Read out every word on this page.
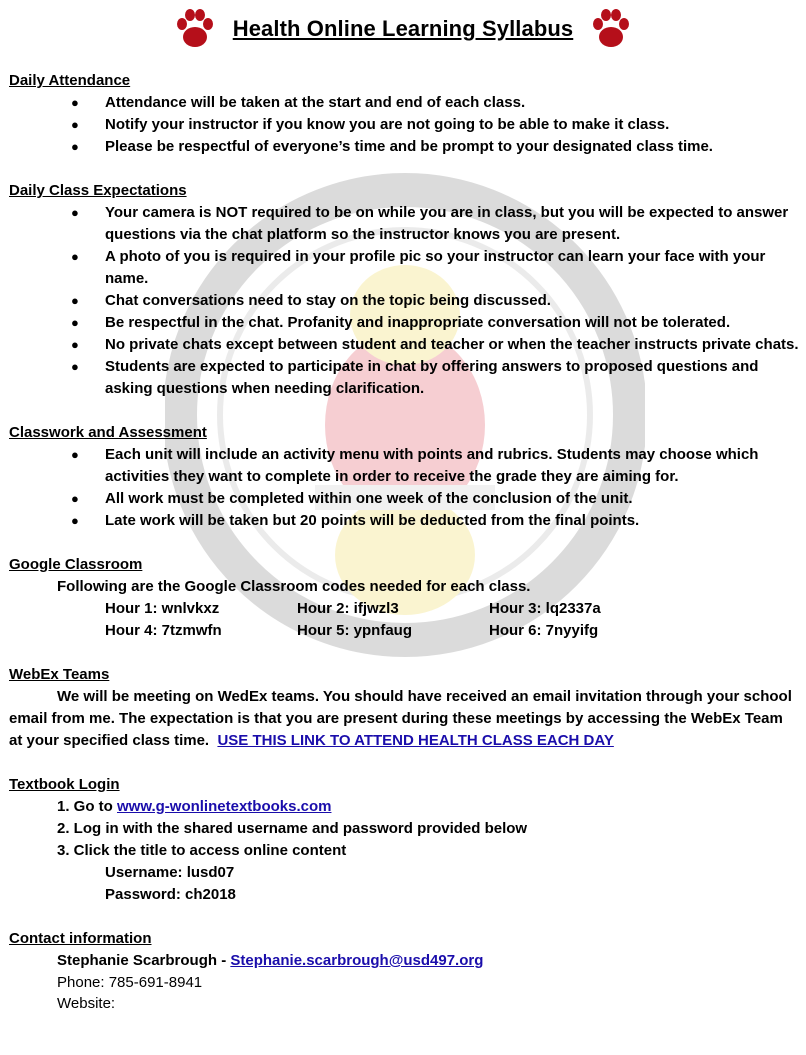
Health Online Learning Syllabus
Daily Attendance
● Attendance will be taken at the start and end of each class.
● Notify your instructor if you know you are not going to be able to make it class.
● Please be respectful of everyone’s time and be prompt to your designated class time.
Daily Class Expectations
● Your camera is NOT required to be on while you are in class, but you will be expected to answer questions via the chat platform so the instructor knows you are present.
● A photo of you is required in your profile pic so your instructor can learn your face with your name.
● Chat conversations need to stay on the topic being discussed.
● Be respectful in the chat. Profanity and inappropriate conversation will not be tolerated.
● No private chats except between student and teacher or when the teacher instructs private chats.
● Students are expected to participate in chat by offering answers to proposed questions and asking questions when needing clarification.
Classwork and Assessment
● Each unit will include an activity menu with points and rubrics. Students may choose which activities they want to complete in order to receive the grade they are aiming for.
● All work must be completed within one week of the conclusion of the unit.
● Late work will be taken but 20 points will be deducted from the final points.
Google Classroom
Following are the Google Classroom codes needed for each class.
Hour 1: wnlvkxz	Hour 2: ifjwzl3	Hour 3: lq2337a
Hour 4: 7tzmwfn	Hour 5: ypnfaug	Hour 6: 7nyyifg
WebEx Teams
We will be meeting on WedEx teams. You should have received an email invitation through your school email from me. The expectation is that you are present during these meetings by accessing the WebEx Team at your specified class time. USE THIS LINK TO ATTEND HEALTH CLASS EACH DAY
Textbook Login
1. Go to www.g-wonlinetextbooks.com
2. Log in with the shared username and password provided below
3. Click the title to access online content
Username: lusd07
Password: ch2018
Contact information
Stephanie Scarbrough - Stephanie.scarbrough@usd497.org
Phone: 785-691-8941
Website:
